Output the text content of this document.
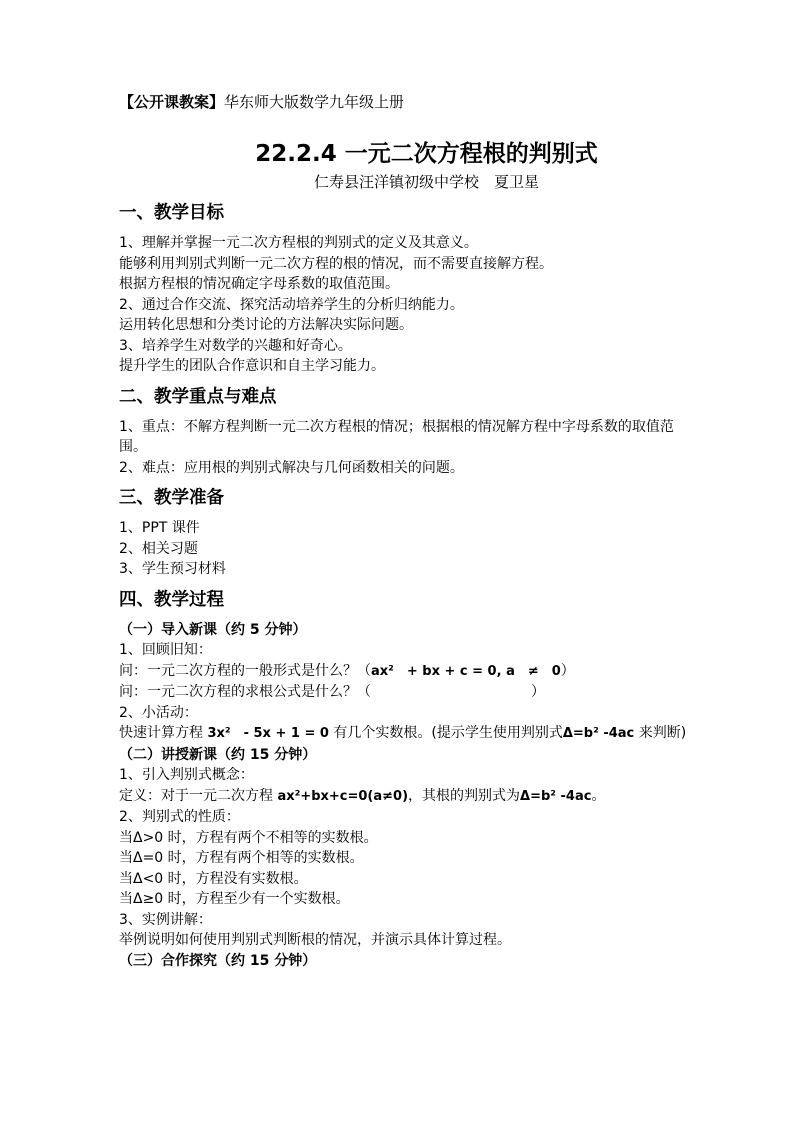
【公开课教案】华东师大版数学九年级上册
22.2.4 一元二次方程根的判别式
仁寿县汪洋镇初级中学校　夏卫星
一、教学目标
1、理解并掌握一元二次方程根的判别式的定义及其意义。
能够利用判别式判断一元二次方程的根的情况，而不需要直接解方程。
根据方程根的情况确定字母系数的取值范围。
2、通过合作交流、探究活动培养学生的分析归纳能力。
运用转化思想和分类讨论的方法解决实际问题。
3、培养学生对数学的兴趣和好奇心。
提升学生的团队合作意识和自主学习能力。
二、教学重点与难点
1、重点：不解方程判断一元二次方程根的情况；根据根的情况解方程中字母系数的取值范围。
2、难点：应用根的判别式解决与几何函数相关的问题。
三、教学准备
1、PPT 课件
2、相关习题
3、学生预习材料
四、教学过程
（一）导入新课（约 5 分钟）
1、回顾旧知：
问：一元二次方程的一般形式是什么？（ax²　+ bx + c = 0, a　≠　0）
问：一元二次方程的求根公式是什么？（	）
2、小活动：
快速计算方程 3x²　- 5x + 1 = 0 有几个实数根。(提示学生使用判别式Δ=b² -4ac 来判断)
（二）讲授新课（约 15 分钟）
1、引入判别式概念：
定义：对于一元二次方程 ax²+bx+c=0(a≠0)，其根的判别式为Δ=b² -4ac。
2、判别式的性质：
当Δ>0 时，方程有两个不相等的实数根。
当Δ=0 时，方程有两个相等的实数根。
当Δ<0 时，方程没有实数根。
当Δ≥0 时，方程至少有一个实数根。
3、实例讲解：
举例说明如何使用判别式判断根的情况，并演示具体计算过程。
（三）合作探究（约 15 分钟）
